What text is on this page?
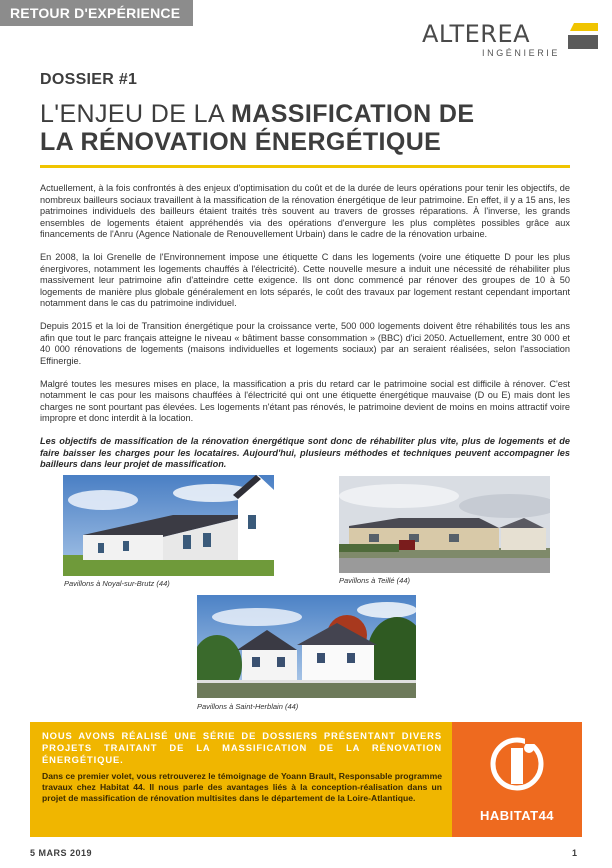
RETOUR D'EXPÉRIENCE
ALTEREA
INGÉNIERIE
DOSSIER #1
L'ENJEU DE LA MASSIFICATION DE
LA RÉNOVATION ÉNERGÉTIQUE

Actuellement, à la fois confrontés à des enjeux d'optimisation du coût et de la durée de leurs opérations pour tenir les objectifs, de nombreux bailleurs sociaux travaillent à la massification de la rénovation énergétique de leur patrimoine. En effet, il y a 15 ans, les patrimoines individuels des bailleurs étaient traités très souvent au travers de grosses réparations. À l'inverse, les grands ensembles de logements étaient appréhendés via des opérations d'envergure les plus complètes possibles grâce aux financements de l'Anru (Agence Nationale de Renouvellement Urbain) dans le cadre de la rénovation urbaine.

En 2008, la loi Grenelle de l'Environnement impose une étiquette C dans les logements (voire une étiquette D pour les plus énergivores, notamment les logements chauffés à l'électricité). Cette nouvelle mesure a induit une nécessité de réhabiliter plus massivement leur patrimoine afin d'atteindre cette exigence. Ils ont donc commencé par rénover des groupes de 10 à 50 logements de manière plus globale généralement en lots séparés, le coût des travaux par logement restant cependant important notamment dans le cas du patrimoine individuel.

Depuis 2015 et la loi de Transition énergétique pour la croissance verte, 500 000 logements doivent être réhabilités tous les ans afin que tout le parc français atteigne le niveau « bâtiment basse consommation » (BBC) d'ici 2050. Actuellement, entre 30 000 et 40 000 rénovations de logements (maisons individuelles et logements sociaux) par an seraient réalisées, selon l'association Effinergie.

Malgré toutes les mesures mises en place, la massification a pris du retard car le patrimoine social est difficile à rénover. C'est notamment le cas pour les maisons chauffées à l'électricité qui ont une étiquette énergétique mauvaise (D ou E) mais dont les charges ne sont pourtant pas élevées. Les logements n'étant pas rénovés, le patrimoine devient de moins en moins attractif voire impropre et donc interdit à la location.

Les objectifs de massification de la rénovation énergétique sont donc de réhabiliter plus vite, plus de logements et de faire baisser les charges pour les locataires. Aujourd'hui, plusieurs méthodes et techniques peuvent accompagner les bailleurs dans leur projet de massification.

Pavillons à Noyal-sur-Brutz (44)	Pavillons à Teillé (44)
Pavillons à Saint-Herblain (44)
NOUS AVONS RÉALISÉ UNE SÉRIE DE DOSSIERS PRÉSENTANT DIVERS PROJETS TRAITANT DE LA MASSIFICATION DE LA RÉNOVATION ÉNERGÉTIQUE.
Dans ce premier volet, vous retrouverez le témoignage de Yoann Brault, Responsable programme travaux chez Habitat 44. Il nous parle des avantages liés à la conception-réalisation dans un projet de massification de rénovation multisites dans le département de la Loire-Atlantique.
HABITAT44
5 MARS 2019	1
